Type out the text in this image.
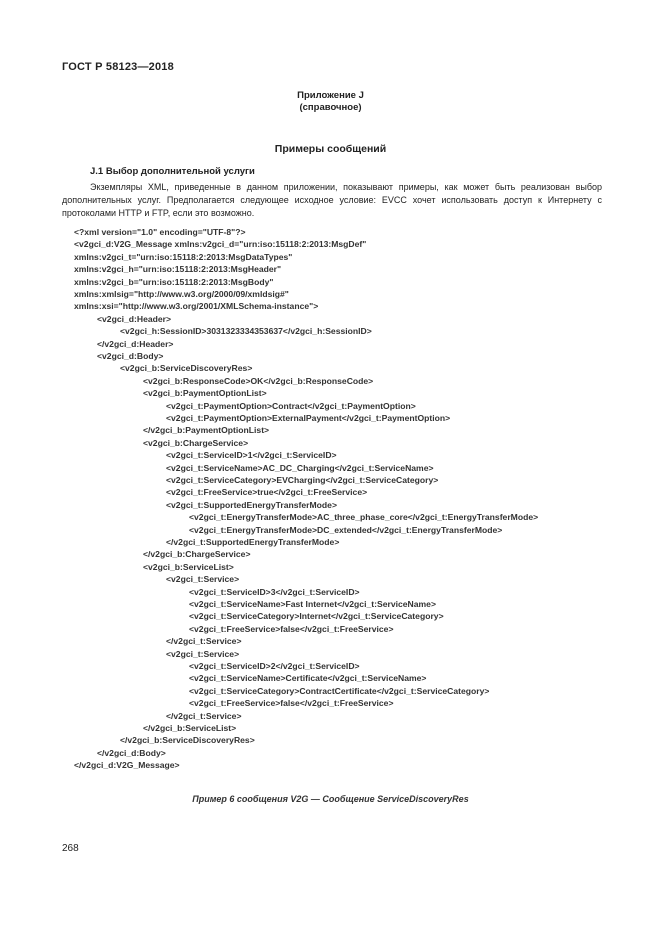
ГОСТ Р 58123—2018
Приложение J
(справочное)
Примеры сообщений
J.1 Выбор дополнительной услуги
Экземпляры XML, приведенные в данном приложении, показывают примеры, как может быть реализован выбор дополнительных услуг. Предполагается следующее исходное условие: EVCC хочет использовать доступ к Интернету с протоколами HTTP и FTP, если это возможно.
<?xml version="1.0" encoding="UTF-8"?>
<v2gci_d:V2G_Message xmlns:v2gci_d="urn:iso:15118:2:2013:MsgDef"
xmlns:v2gci_t="urn:iso:15118:2:2013:MsgDataTypes"
xmlns:v2gci_h="urn:iso:15118:2:2013:MsgHeader"
xmlns:v2gci_b="urn:iso:15118:2:2013:MsgBody"
xmlns:xmlsig="http://www.w3.org/2000/09/xmldsig#"
xmlns:xsi="http://www.w3.org/2001/XMLSchema-instance">
<v2gci_d:Header>
<v2gci_h:SessionID>3031323334353637</v2gci_h:SessionID>
</v2gci_d:Header>
<v2gci_d:Body>
<v2gci_b:ServiceDiscoveryRes>
<v2gci_b:ResponseCode>OK</v2gci_b:ResponseCode>
<v2gci_b:PaymentOptionList>
<v2gci_t:PaymentOption>Contract</v2gci_t:PaymentOption>
<v2gci_t:PaymentOption>ExternalPayment</v2gci_t:PaymentOption>
</v2gci_b:PaymentOptionList>
<v2gci_b:ChargeService>
<v2gci_t:ServiceID>1</v2gci_t:ServiceID>
<v2gci_t:ServiceName>AC_DC_Charging</v2gci_t:ServiceName>
<v2gci_t:ServiceCategory>EVCharging</v2gci_t:ServiceCategory>
<v2gci_t:FreeService>true</v2gci_t:FreeService>
<v2gci_t:SupportedEnergyTransferMode>
<v2gci_t:EnergyTransferMode>AC_three_phase_core</v2gci_t:EnergyTransferMode>
<v2gci_t:EnergyTransferMode>DC_extended</v2gci_t:EnergyTransferMode>
</v2gci_t:SupportedEnergyTransferMode>
</v2gci_b:ChargeService>
<v2gci_b:ServiceList>
<v2gci_t:Service>
<v2gci_t:ServiceID>3</v2gci_t:ServiceID>
<v2gci_t:ServiceName>Fast Internet</v2gci_t:ServiceName>
<v2gci_t:ServiceCategory>Internet</v2gci_t:ServiceCategory>
<v2gci_t:FreeService>false</v2gci_t:FreeService>
</v2gci_t:Service>
<v2gci_t:Service>
<v2gci_t:ServiceID>2</v2gci_t:ServiceID>
<v2gci_t:ServiceName>Certificate</v2gci_t:ServiceName>
<v2gci_t:ServiceCategory>ContractCertificate</v2gci_t:ServiceCategory>
<v2gci_t:FreeService>false</v2gci_t:FreeService>
</v2gci_t:Service>
</v2gci_b:ServiceList>
</v2gci_b:ServiceDiscoveryRes>
</v2gci_d:Body>
</v2gci_d:V2G_Message>
Пример 6 сообщения V2G — Сообщение ServiceDiscoveryRes
268
